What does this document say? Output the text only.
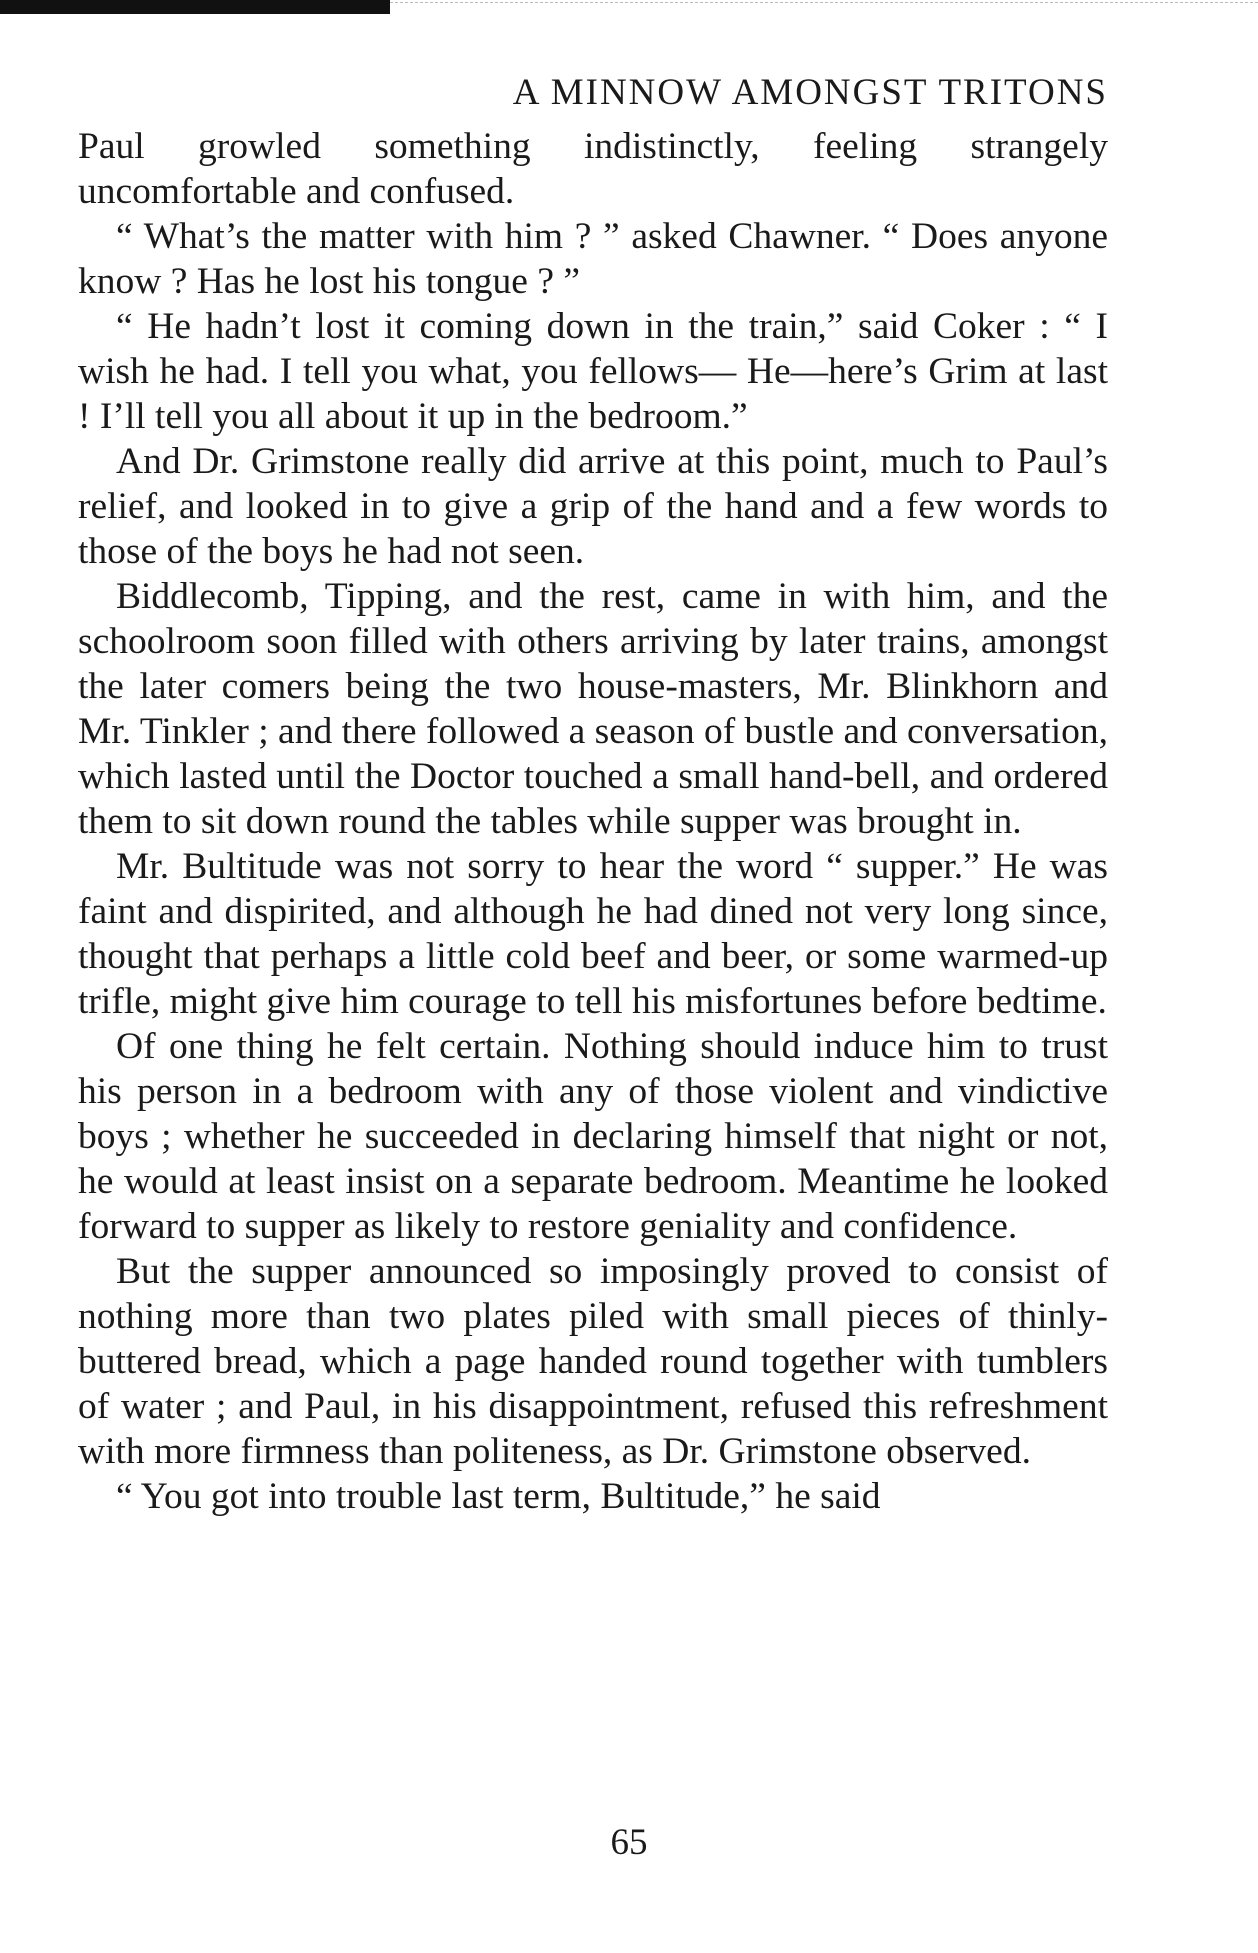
A MINNOW AMONGST TRITONS

Paul growled something indistinctly, feeling strangely uncomfortable and confused.

“ What’s the matter with him ? ” asked Chawner. “ Does anyone know ? Has he lost his tongue ? ”

“ He hadn’t lost it coming down in the train,” said Coker : “ I wish he had. I tell you what, you fellows— He—here’s Grim at last ! I’ll tell you all about it up in the bedroom.”

And Dr. Grimstone really did arrive at this point, much to Paul’s relief, and looked in to give a grip of the hand and a few words to those of the boys he had not seen.

Biddlecomb, Tipping, and the rest, came in with him, and the schoolroom soon filled with others arriving by later trains, amongst the later comers being the two house-masters, Mr. Blinkhorn and Mr. Tinkler ; and there followed a season of bustle and conversation, which lasted until the Doctor touched a small hand-bell, and ordered them to sit down round the tables while supper was brought in.

Mr. Bultitude was not sorry to hear the word “ supper.” He was faint and dispirited, and although he had dined not very long since, thought that perhaps a little cold beef and beer, or some warmed-up trifle, might give him courage to tell his misfortunes before bedtime.

Of one thing he felt certain. Nothing should induce him to trust his person in a bedroom with any of those violent and vindictive boys ; whether he succeeded in declaring himself that night or not, he would at least insist on a separate bedroom. Meantime he looked forward to supper as likely to restore geniality and confidence.

But the supper announced so imposingly proved to consist of nothing more than two plates piled with small pieces of thinly-buttered bread, which a page handed round together with tumblers of water ; and Paul, in his disappointment, refused this refreshment with more firmness than politeness, as Dr. Grimstone observed.

“ You got into trouble last term, Bultitude,” he said

65
